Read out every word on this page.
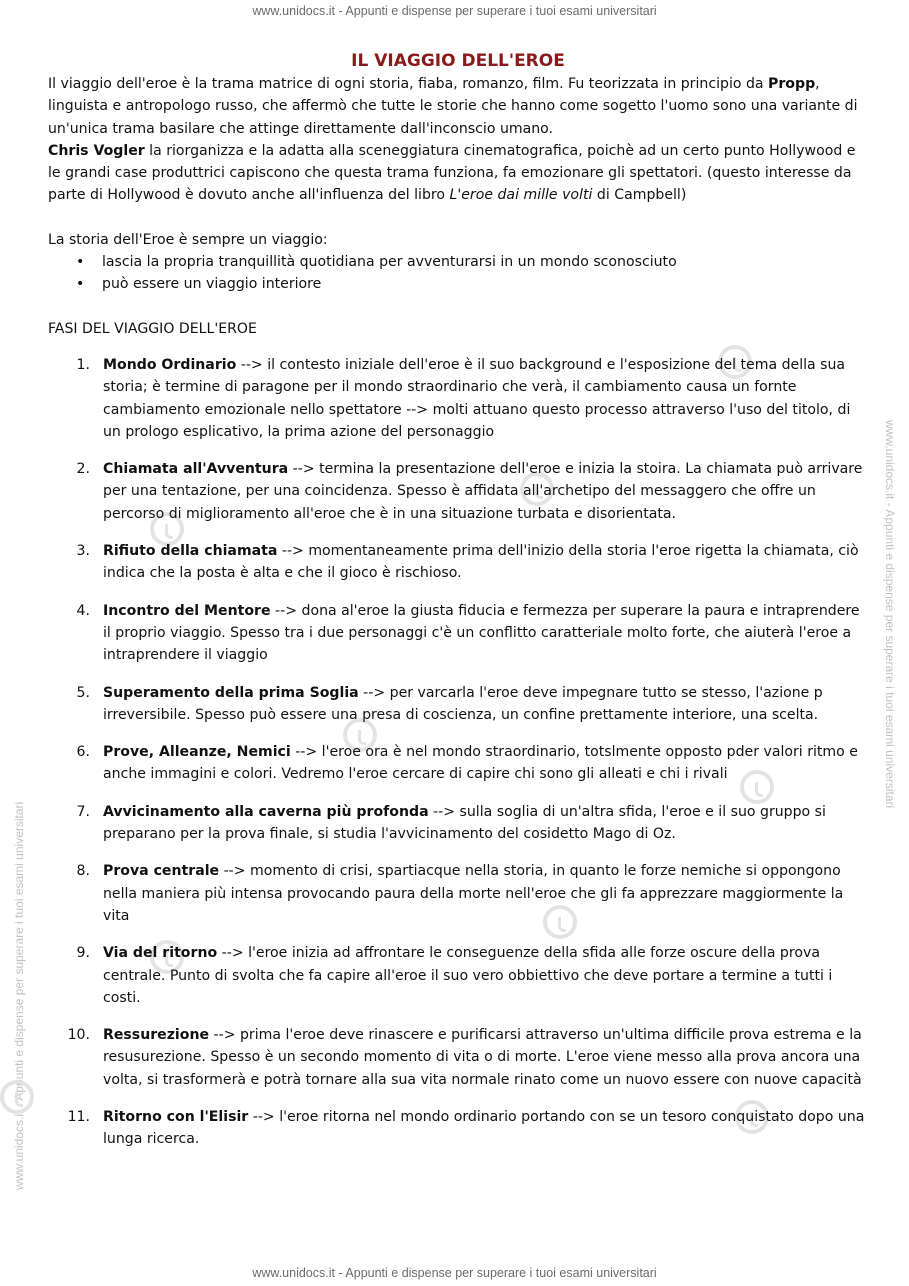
www.unidocs.it - Appunti e dispense per superare i tuoi esami universitari
www.unidocs.it - Appunti e dispense per superare i tuoi esami universitari
www.unidocs.it - Appunti e dispense per superare i tuoi esami universitari
www.unidocs.it - Appunti e dispense per superare i tuoi esami universitari
IL VIAGGIO DELL'EROE

Il viaggio dell'eroe è la trama matrice di ogni storia, fiaba, romanzo, film. Fu teorizzata in principio da Propp, linguista e antropologo russo, che affermò che tutte le storie che hanno come sogetto l'uomo sono una variante di un'unica trama basilare che attinge direttamente dall'inconscio umano.

Chris Vogler la riorganizza e la adatta alla sceneggiatura cinematografica, poichè ad un certo punto Hollywood e le grandi case produttrici capiscono che questa trama funziona, fa emozionare gli spettatori. (questo interesse da parte di Hollywood è dovuto anche all'influenza del libro L'eroe dai mille volti di Campbell)

La storia dell'Eroe è sempre un viaggio:

• lascia la propria tranquillità quotidiana per avventurarsi in un mondo sconosciuto
• può essere un viaggio interiore

FASI DEL VIAGGIO DELL'EROE

1. Mondo Ordinario --> il contesto iniziale dell'eroe è il suo background e l'esposizione del tema della sua storia; è termine di paragone per il mondo straordinario che verà, il cambiamento causa un fornte cambiamento emozionale nello spettatore --> molti attuano questo processo attraverso l'uso del titolo, di un prologo esplicativo, la prima azione del personaggio
2. Chiamata all'Avventura --> termina la presentazione dell'eroe e inizia la stoira. La chiamata può arrivare per una tentazione, per una coincidenza. Spesso è affidata all'archetipo del messaggero che offre un percorso di miglioramento all'eroe che è in una situazione turbata e disorientata.
3. Rifiuto della chiamata --> momentaneamente prima dell'inizio della storia l'eroe rigetta la chiamata, ciò indica che la posta è alta e che il gioco è rischioso.
4. Incontro del Mentore --> dona al'eroe la giusta fiducia e fermezza per superare la paura e intraprendere il proprio viaggio. Spesso tra i due personaggi c'è un conflitto caratteriale molto forte, che aiuterà l'eroe a intraprendere il viaggio
5. Superamento della prima Soglia --> per varcarla l'eroe deve impegnare tutto se stesso, l'azione p irreversibile. Spesso può essere una presa di coscienza, un confine prettamente interiore, una scelta.
6. Prove, Alleanze, Nemici --> l'eroe ora è nel mondo straordinario, totslmente opposto pder valori ritmo e anche immagini e colori. Vedremo l'eroe cercare di capire chi sono gli alleati e chi i rivali
7. Avvicinamento alla caverna più profonda --> sulla soglia di un'altra sfida, l'eroe e il suo gruppo si preparano per la prova finale, si studia l'avvicinamento del cosidetto Mago di Oz.
8. Prova centrale --> momento di crisi, spartiacque nella storia, in quanto le forze nemiche si oppongono nella maniera più intensa provocando paura della morte nell'eroe che gli fa apprezzare maggiormente la vita
9. Via del ritorno --> l'eroe inizia ad affrontare le conseguenze della sfida alle forze oscure della prova centrale. Punto di svolta che fa capire all'eroe il suo vero obbiettivo che deve portare a termine a tutti i costi.
10. Ressurezione --> prima l'eroe deve rinascere e purificarsi attraverso un'ultima difficile prova estrema e la resusurezione. Spesso è un secondo momento di vita o di morte. L'eroe viene messo alla prova ancora una volta, si trasformerà e potrà tornare alla sua vita normale rinato come un nuovo essere con nuove capacità
11. Ritorno con l'Elisir --> l'eroe ritorna nel mondo ordinario portando con se un tesoro conquistato dopo una lunga ricerca.
